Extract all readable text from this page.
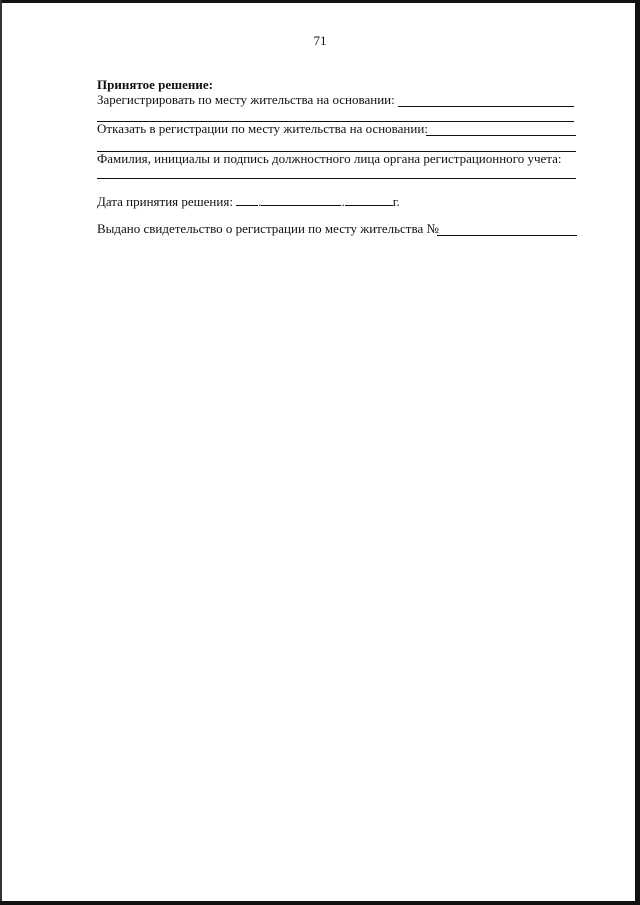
71
Принятое решение:
Зарегистрировать по месту жительства на основании:
Отказать в регистрации по месту жительства на основании:
Фамилия, инициалы и подпись должностного лица органа регистрационного учета:
Дата принятия решения: .	.	г.
Выдано свидетельство о регистрации по месту жительства №
